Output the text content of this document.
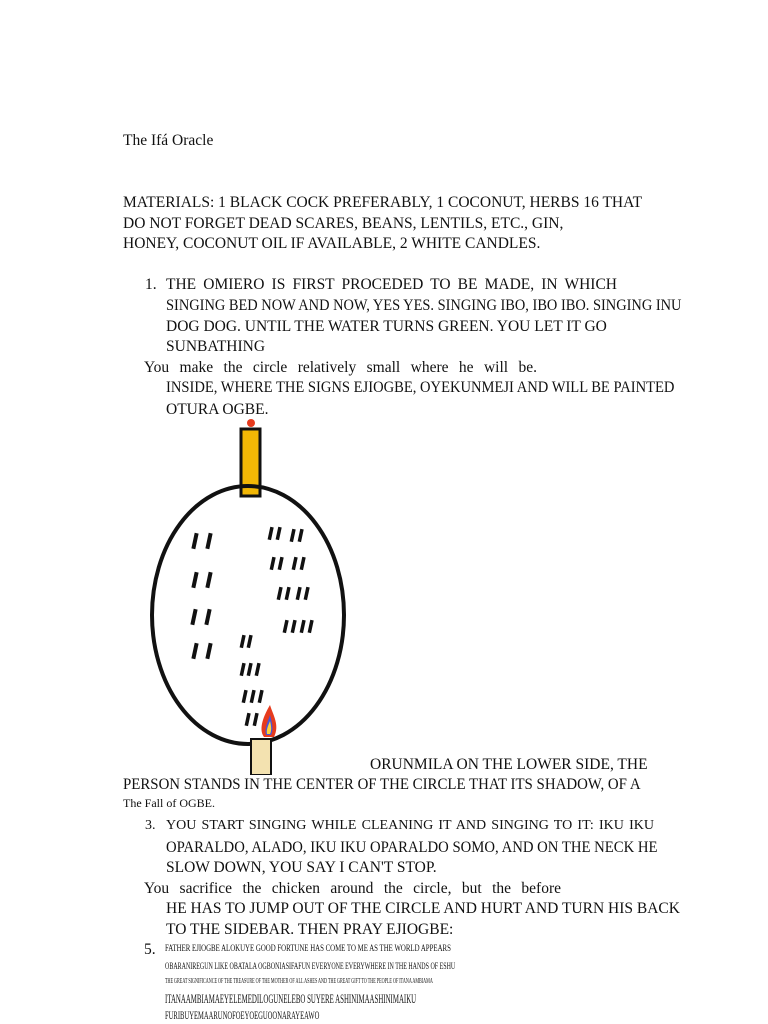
The Ifá Oracle
MATERIALS: 1 BLACK COCK PREFERABLY, 1 COCONUT, HERBS 16 THAT
DO NOT FORGET DEAD SCARES, BEANS, LENTILS, ETC., GIN,
HONEY, COCONUT OIL IF AVAILABLE, 2 WHITE CANDLES.
1. THE OMIERO IS FIRST PROCEDED TO BE MADE, IN WHICH
SINGING BED NOW AND NOW, YES YES. SINGING IBO, IBO IBO. SINGING INU
DOG DOG. UNTIL THE WATER TURNS GREEN. YOU LET IT GO
SUNBATHING
You make the circle relatively small where he will be.
INSIDE, WHERE THE SIGNS EJIOGBE, OYEKUNMEJI AND WILL BE PAINTED
OTURA OGBE.
ORUNMILA ON THE LOWER SIDE, THE
PERSON STANDS IN THE CENTER OF THE CIRCLE THAT ITS SHADOW, OF A
The Fall of OGBE.
3. YOU START SINGING WHILE CLEANING IT AND SINGING TO IT: IKU IKU
OPARALDO, ALADO, IKU IKU OPARALDO SOMO, AND ON THE NECK HE
SLOW DOWN, YOU SAY I CAN'T STOP.
You sacrifice the chicken around the circle, but the before
HE HAS TO JUMP OUT OF THE CIRCLE AND HURT AND TURN HIS BACK
TO THE SIDEBAR. THEN PRAY EJIOGBE:
5. FATHER EJIOGBE ALOKUYE GOOD FORTUNE HAS COME TO ME AS THE WORLD APPEARS
OBARANIREGUN LIKE OBATALA OGBONIASIFAFUN EVERYONE EVERYWHERE IN THE HANDS OF ESHU
THE GREAT SIGNIFICANCE OF THE TREASURE OF THE MOTHER OF ALL ASHES AND THE GREAT GIFT TO THE PEOPLE OF ITANA AMBIAMA
ITANAAMBIAMAEYELEMEDILOGUNELEBO SUYERE ASHINIMAASHINIMAIKU
FURIBUYEMAARUNOFOEYOEGUOONARAYEAWO
